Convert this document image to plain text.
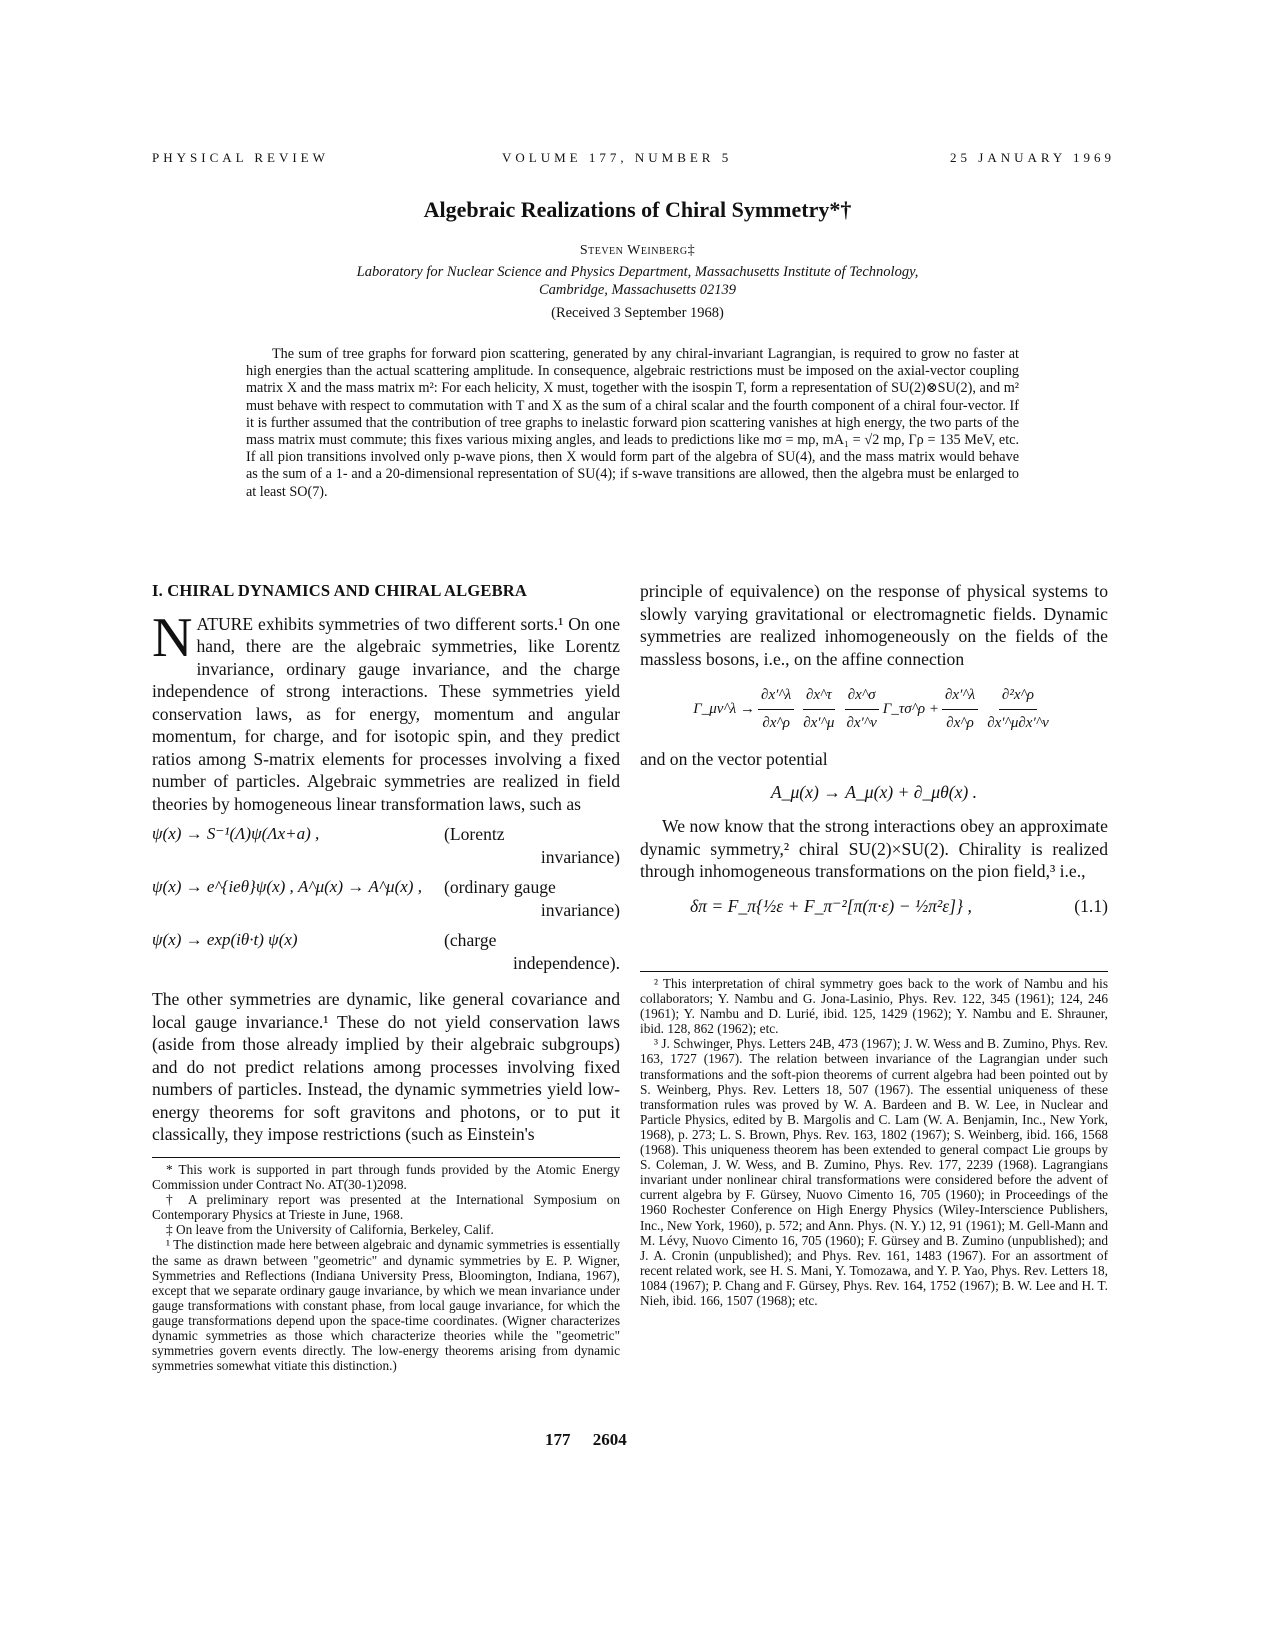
PHYSICAL REVIEW	VOLUME 177, NUMBER 5	25 JANUARY 1969
Algebraic Realizations of Chiral Symmetry*†
Steven Weinberg‡
Laboratory for Nuclear Science and Physics Department, Massachusetts Institute of Technology,
Cambridge, Massachusetts 02139
(Received 3 September 1968)

The sum of tree graphs for forward pion scattering, generated by any chiral-invariant Lagrangian, is required to grow no faster at high energies than the actual scattering amplitude. In consequence, algebraic restrictions must be imposed on the axial-vector coupling matrix X and the mass matrix m²: For each helicity, X must, together with the isospin T, form a representation of SU(2)⊗SU(2), and m² must behave with respect to commutation with T and X as the sum of a chiral scalar and the fourth component of a chiral four-vector. If it is further assumed that the contribution of tree graphs to inelastic forward pion scattering vanishes at high energy, the two parts of the mass matrix must commute; this fixes various mixing angles, and leads to predictions like mσ = mρ, mA₁ = √2 mρ, Γρ = 135 MeV, etc. If all pion transitions involved only p-wave pions, then X would form part of the algebra of SU(4), and the mass matrix would behave as the sum of a 1- and a 20-dimensional representation of SU(4); if s-wave transitions are allowed, then the algebra must be enlarged to at least SO(7).

I. CHIRAL DYNAMICS AND CHIRAL ALGEBRA

NATURE exhibits symmetries of two different sorts.¹ On one hand, there are the algebraic symmetries, like Lorentz invariance, ordinary gauge invariance, and the charge independence of strong interactions. These symmetries yield conservation laws, as for energy, momentum and angular momentum, for charge, and for isotopic spin, and they predict ratios among S-matrix elements for processes involving a fixed number of particles. Algebraic symmetries are realized in field theories by homogeneous linear transformation laws, such as

ψ(x) → S⁻¹(Λ)ψ(Λx+a) ,	(Lorentz
invariance)
ψ(x) → e^{ieθ}ψ(x) , A^μ(x) → A^μ(x) ,	(ordinary gauge
invariance)
ψ(x) → exp(iθ·t) ψ(x)	(charge
independence).

The other symmetries are dynamic, like general covariance and local gauge invariance.¹ These do not yield conservation laws (aside from those already implied by their algebraic subgroups) and do not predict relations among processes involving fixed numbers of particles. Instead, the dynamic symmetries yield low-energy theorems for soft gravitons and photons, or to put it classically, they impose restrictions (such as Einstein's

principle of equivalence) on the response of physical systems to slowly varying gravitational or electromagnetic fields. Dynamic symmetries are realized inhomogeneously on the fields of the massless bosons, i.e., on the affine connection

Γ_μν^λ → $\frac{\partial x'\^{}\lambda}{\partial x\^{}\rho} \frac{\partial x\^{}\tau}{\partial x'\^{}\mu} \frac{\partial x\^{}\sigma}{\partial x'\^{}\nu}$ Γ_τσ^ρ + $\frac{\partial x'\^{}\lambda}{\partial x\^{}\rho} \frac{\text{∂²x\textasciicircum{}ρ}}{\partial x'\^{}\mu\partial x'\^{}\nu}$

and on the vector potential

A_μ(x) → A_μ(x) + ∂_μθ(x) .

We now know that the strong interactions obey an approximate dynamic symmetry,² chiral SU(2)×SU(2). Chirality is realized through inhomogeneous transformations on the pion field,³ i.e.,

δπ = F_π{½ε + F_π⁻²[π(π·ε) − ½π²ε]} ,	(1.1)

* This work is supported in part through funds provided by the Atomic Energy Commission under Contract No. AT(30-1)2098.

† A preliminary report was presented at the International Symposium on Contemporary Physics at Trieste in June, 1968.

‡ On leave from the University of California, Berkeley, Calif.

¹ The distinction made here between algebraic and dynamic symmetries is essentially the same as drawn between "geometric" and dynamic symmetries by E. P. Wigner, Symmetries and Reflections (Indiana University Press, Bloomington, Indiana, 1967), except that we separate ordinary gauge invariance, by which we mean invariance under gauge transformations with constant phase, from local gauge invariance, for which the gauge transformations depend upon the space-time coordinates. (Wigner characterizes dynamic symmetries as those which characterize theories while the "geometric" symmetries govern events directly. The low-energy theorems arising from dynamic symmetries somewhat vitiate this distinction.)

² This interpretation of chiral symmetry goes back to the work of Nambu and his collaborators; Y. Nambu and G. Jona-Lasinio, Phys. Rev. 122, 345 (1961); 124, 246 (1961); Y. Nambu and D. Lurié, ibid. 125, 1429 (1962); Y. Nambu and E. Shrauner, ibid. 128, 862 (1962); etc.

³ J. Schwinger, Phys. Letters 24B, 473 (1967); J. W. Wess and B. Zumino, Phys. Rev. 163, 1727 (1967). The relation between invariance of the Lagrangian under such transformations and the soft-pion theorems of current algebra had been pointed out by S. Weinberg, Phys. Rev. Letters 18, 507 (1967). The essential uniqueness of these transformation rules was proved by W. A. Bardeen and B. W. Lee, in Nuclear and Particle Physics, edited by B. Margolis and C. Lam (W. A. Benjamin, Inc., New York, 1968), p. 273; L. S. Brown, Phys. Rev. 163, 1802 (1967); S. Weinberg, ibid. 166, 1568 (1968). This uniqueness theorem has been extended to general compact Lie groups by S. Coleman, J. W. Wess, and B. Zumino, Phys. Rev. 177, 2239 (1968). Lagrangians invariant under nonlinear chiral transformations were considered before the advent of current algebra by F. Gürsey, Nuovo Cimento 16, 705 (1960); in Proceedings of the 1960 Rochester Conference on High Energy Physics (Wiley-Interscience Publishers, Inc., New York, 1960), p. 572; and Ann. Phys. (N. Y.) 12, 91 (1961); M. Gell-Mann and M. Lévy, Nuovo Cimento 16, 705 (1960); F. Gürsey and B. Zumino (unpublished); and J. A. Cronin (unpublished); and Phys. Rev. 161, 1483 (1967). For an assortment of recent related work, see H. S. Mani, Y. Tomozawa, and Y. P. Yao, Phys. Rev. Letters 18, 1084 (1967); P. Chang and F. Gürsey, Phys. Rev. 164, 1752 (1967); B. W. Lee and H. T. Nieh, ibid. 166, 1507 (1968); etc.

177 2604
